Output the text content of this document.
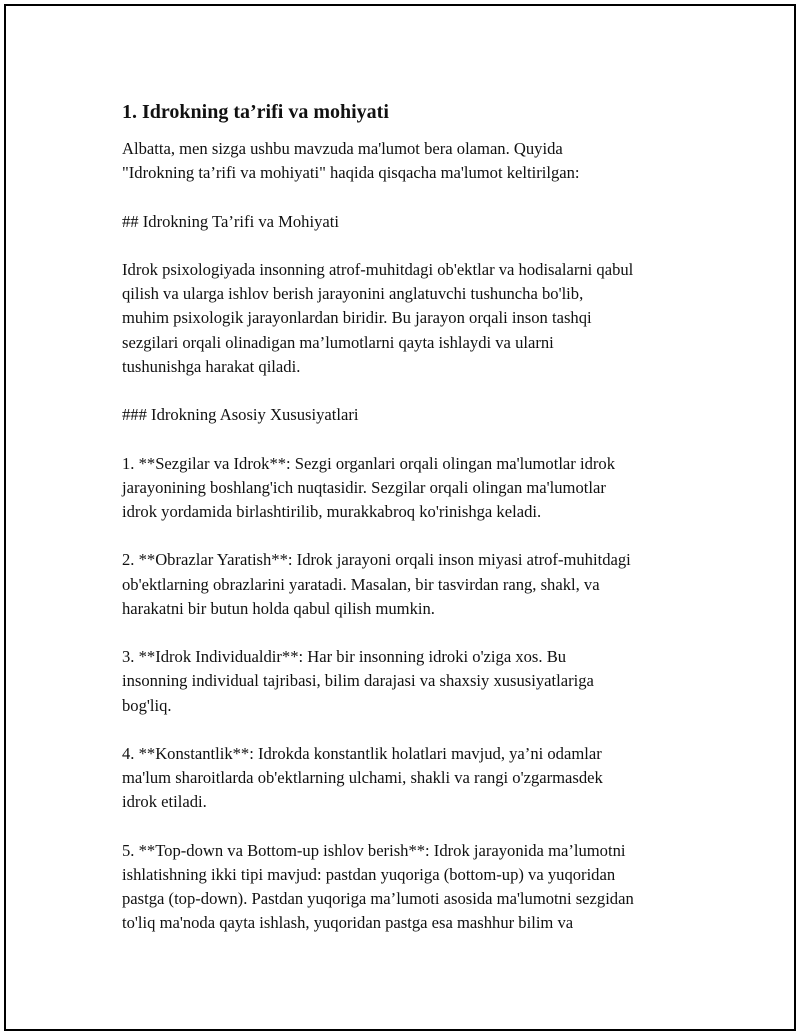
1. Idrokning ta’rifi va mohiyati

Albatta, men sizga ushbu mavzuda ma'lumot bera olaman. Quyida
"Idrokning ta’rifi va mohiyati" haqida qisqacha ma'lumot keltirilgan:

## Idrokning Ta’rifi va Mohiyati

Idrok psixologiyada insonning atrof-muhitdagi ob'ektlar va hodisalarni qabul
qilish va ularga ishlov berish jarayonini anglatuvchi tushuncha bo'lib,
muhim psixologik jarayonlardan biridir. Bu jarayon orqali inson tashqi
sezgilari orqali olinadigan ma’lumotlarni qayta ishlaydi va ularni
tushunishga harakat qiladi.

### Idrokning Asosiy Xususiyatlari

1. **Sezgilar va Idrok**: Sezgi organlari orqali olingan ma'lumotlar idrok
jarayonining boshlang'ich nuqtasidir. Sezgilar orqali olingan ma'lumotlar
idrok yordamida birlashtirilib, murakkabroq ko'rinishga keladi.

2. **Obrazlar Yaratish**: Idrok jarayoni orqali inson miyasi atrof-muhitdagi
ob'ektlarning obrazlarini yaratadi. Masalan, bir tasvirdan rang, shakl, va
harakatni bir butun holda qabul qilish mumkin.

3. **Idrok Individualdir**: Har bir insonning idroki o'ziga xos. Bu
insonning individual tajribasi, bilim darajasi va shaxsiy xususiyatlariga
bog'liq.

4. **Konstantlik**: Idrokda konstantlik holatlari mavjud, ya’ni odamlar
ma'lum sharoitlarda ob'ektlarning ulchami, shakli va rangi o'zgarmasdek
idrok etiladi.

5. **Top-down va Bottom-up ishlov berish**: Idrok jarayonida ma’lumotni
ishlatishning ikki tipi mavjud: pastdan yuqoriga (bottom-up) va yuqoridan
pastga (top-down). Pastdan yuqoriga ma’lumoti asosida ma'lumotni sezgidan
to'liq ma'noda qayta ishlash, yuqoridan pastga esa mashhur bilim va
